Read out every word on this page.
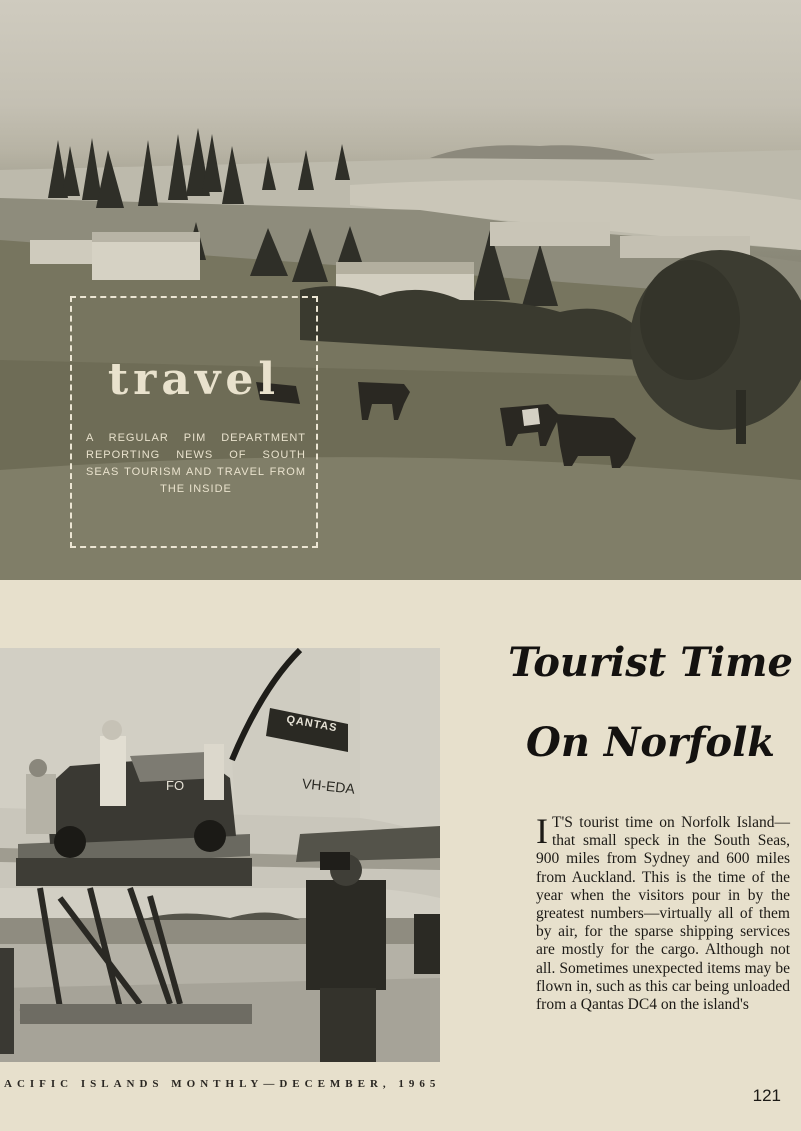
travel
A REGULAR PIM DEPARTMENT REPORTING NEWS OF SOUTH SEAS TOURISM AND TRAVEL FROM THE INSIDE
QANTAS
VH-EDA
FO
Tourist Time
On Norfolk
I T'S tourist time on Norfolk Island—that small speck in the South Seas, 900 miles from Sydney and 600 miles from Auckland. This is the time of the year when the visitors pour in by the greatest numbers—virtually all of them by air, for the sparse shipping services are mostly for the cargo. Although not all. Sometimes unexpected items may be flown in, such as this car being unloaded from a Qantas DC4 on the island's
ACIFIC ISLANDS MONTHLY—DECEMBER, 1965
121
